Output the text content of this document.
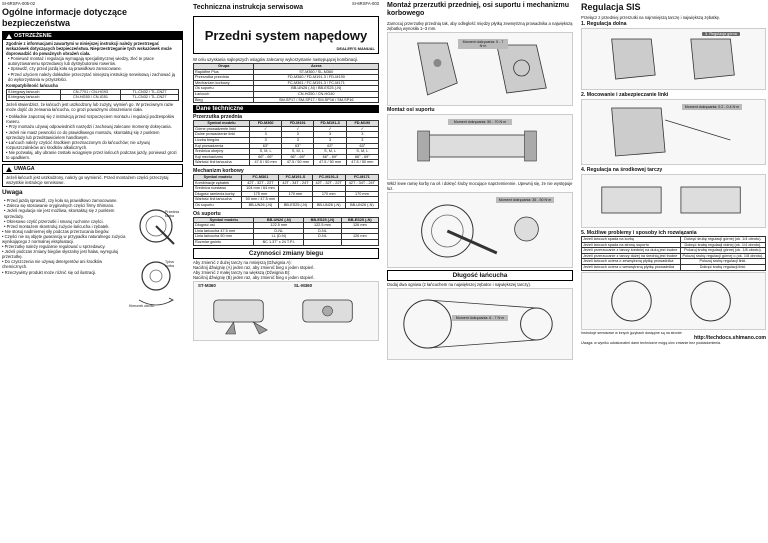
SI-6RSFA-005-02
Ogólne informacje dotyczące bezpieczeństwa
OSTRZEŻENIE
Zgodnie z informacjami zawartymi w niniejszej instrukcji należy przestrzegać wskazówek dotyczących bezpieczeństwa. Nieprzestrzeganie tych wskazówek może doprowadzić do poważnych obrażeń ciała.
• Ponieważ montaż i regulacja wymagają specjalistycznej wiedzy, zleć te prace autoryzowanemu sprzedawcy lub dystrybutorowi rowerów.
• Sprawdź, czy przed jazdą koła są prawidłowo zamocowane.
• Przed użyciem należy dokładnie przeczytać niniejszą instrukcję serwisową i zachować ją do wykorzystania w przyszłości.
Kompatybilność łańcucha
9-biegowy łańcuch	CN-7701 / CN-HG93	TL-CN32 / TL-CN27
8-biegowy łańcuch	CN-HG50 / CN-IG51	TL-CN32 / TL-CN27
Jeżeli stwierdzisz, że łańcuch jest uszkodzony lub zużyty, wymień go. W przeciwnym razie może dojść do zerwania łańcucha, co grozi poważnymi obrażeniami ciała.
• Dokładnie zapoznaj się z instrukcją przed rozpoczęciem montażu i regulacji podzespołów roweru.
• Przy montażu używaj odpowiednich narzędzi i zachowaj zalecane momenty dokręcania.
• Jeżeli nie masz pewności co do prawidłowego montażu, skontaktuj się z punktem sprzedaży lub przedstawicielem handlowym.
• Łańcuch należy czyścić środkiem przeznaczonym do łańcuchów; nie używaj rozpuszczalników ani środków alkalicznych.
• Nie pozwalaj, aby ubranie zostało wciągnięte przez łańcuch podczas jazdy, ponieważ grozi to upadkiem.
UWAGA
Jeżeli łańcuch jest uszkodzony, należy go wymienić. Przed montażem części przeczytaj wszystkie instrukcje serwisowe.
Uwaga
• Przed jazdą sprawdź, czy koła są prawidłowo zamocowane.
• Zaleca się stosowanie oryginalnych części firmy Shimano.
• Jeżeli regulacja nie jest możliwa, skontaktuj się z punktem sprzedaży.
• Okresowo czyść przerzutki i smaruj ruchome części.
• Przed montażem skontroluj zużycie łańcucha i zębatek.
• Nie stosuj nadmiernej siły podczas przerzucania biegów.
• Części nie są objęte gwarancją w przypadku naturalnego zużycia wynikającego z normalnej eksploatacji.
• Przerzutkę należy regularnie regulować u sprzedawcy.
• Jeżeli podczas zmiany biegów słyszalny jest hałas, wyreguluj przerzutkę.
• Do czyszczenia nie używaj detergentów ani środków chemicznych.
• Rzeczywisty produkt może różnić się od ilustracji.
Przednia korba
Tylna korba
Kierunek obrotu
Techniczna instrukcja serwisowa
SI-6RSFA-003
Przedni system napędowy
DEALER'S MANUAL
W celu uzyskania najlepszych osiągów zalecamy wykorzystanie następującej kombinacji.
Grupa	Acera
Rapidfire Plus	ST-M360 / SL-M360
Przerzutka przednia	FD-M360 / FD-M191-3 / FD-M190
Mechanizm korbowy	FC-M361 / FC-M191-3 / FC-M171
Oś suportu	BB-UN26 (-N) / BB-ES25 (-N)
Łańcuch	CN-HG50 / CN-HG40
Bieg	SM-SP17 / SM-SP17 / SM-SP16 / SM-SP16
Dane techniczne
Przerzutka przednia
Symbol modelu	FD-M360	FD-M191	FD-M191-3	FD-M190
Górne prowadzenie linki	✓	✓	✓	✓
Dolne prowadzenie linki	3	3	3	3
Liczba biegów	3	3	3	3
Kąt prowadzenia	63°	63°	63°	63°
Średnica obejmy	S, M, L	S, M, L	S, M, L	S, M, L
Kąt mechanizmu	66° - 69°	66° - 69°	66° - 69°	66° - 69°
Wartość linii łańcucha	47.5 / 50 mm	47.5 / 50 mm	47.5 / 50 mm	47.5 / 50 mm
Mechanizm korbowy
Symbol modelu	FC-M361	FC-M191-S	FC-M191-3	FC-M171
Kombinacje zębatek	42T - 32T - 22T	42T - 34T - 24T	42T - 32T - 22T	42T - 34T - 24T
Średnica rozstawu	104 mm / 64 mm			
Długość ramienia korby	175 mm	170 mm	170 mm	170 mm
Wartość linii łańcucha	50 mm / 47.5 mm			
Oś suportu	BB-UN26 (-N)	BB-ES25 (-N)	BB-UN26 (-N)	BB-UN26 (-N)
Oś suportu
Symbol modelu	BB-UN26 (-N)	BB-ES25 (-N)	BB-ES25 (-N)
Długość osi	122.5 mm	122.5 mm	126 mm
Linia łańcucha 47.5 mm	D-NL	D-NL	
Linia łańcucha 50 mm	LL (D-N)	D-NL	126 mm
Rozmiar gwintu	BC 1.37" x 24 T.P.I.		
Czynności zmiany biegu
Aby zmienić z dużej tarczy na mniejszą (Dźwignia A):
Naciśnij dźwignię (A) jeden raz, aby zmienić bieg o jeden stopień.
Aby zmienić z małej tarczy na większą (Dźwignia B):
Naciśnij dźwignię (B) jeden raz, aby zmienić bieg o jeden stopień.
ST-M360	SL-M360
Montaż przerzutki przedniej, osi suportu i mechanizmu korbowego
Zamocuj przerzutkę przednią tak, aby odległość między płytką zewnętrzną prowadnika a największą zębatką wynosiła 1–3 mm.
Moment dokręcania: 5 - 7 N·m
Montaż osi suportu
Moment dokręcania: 50 - 70 N·m
Włóż lewe ramię korby na oś i dokręć śruby mocujące naprzemiennie. Upewnij się, że nie występuje luz.
Moment dokręcania: 35 - 50 N·m
Długość łańcucha
Dodaj dwa ogniwa (z łańcuchem na największej zębatce i największej tarczy).
Moment dokręcania: 6 - 7 N·m
Regulacja SIS
Przełącz z przedniej przerzutki na najmniejszą tarczę i największą zębatkę.
1. Regulacja dolna
3. Regulacja górna
2. Mocowanie i zabezpieczanie linki
Moment dokręcania: 0.2 - 0.4 N·m
4. Regulacja na środkowej tarczy
5. Możliwe problemy i sposoby ich rozwiązania
Jeżeli łańcuch spada na korbę	Dokręć śrubę regulacji górnej (ok. 1/4 obrotu).
Jeżeli łańcuch spada na stronę suportu	Dokręć śrubę regulacji dolnej (ok. 1/4 obrotu).
Jeżeli przerzucanie z tarczy średniej na dużą jest trudne	Poluzuj śrubę regulacji górnej (ok. 1/8 obrotu).
Jeżeli przerzucanie z tarczy dużej na średnią jest trudne	Poluzuj śrubę regulacji górnej o (ok. 1/8 obrotu).
Jeżeli łańcuch ociera o zewnętrzną płytkę prowadnika	Poluzuj śrubę regulacji linki.
Jeżeli łańcuch ociera o wewnętrzną płytkę prowadnika	Dokręć śrubę regulacji linki.
Instrukcje serwisowe w innych językach dostępne są na stronie:
http://techdocs.shimano.com
Uwaga: w wyniku udoskonaleń dane techniczne mogą ulec zmianie bez powiadomienia.
